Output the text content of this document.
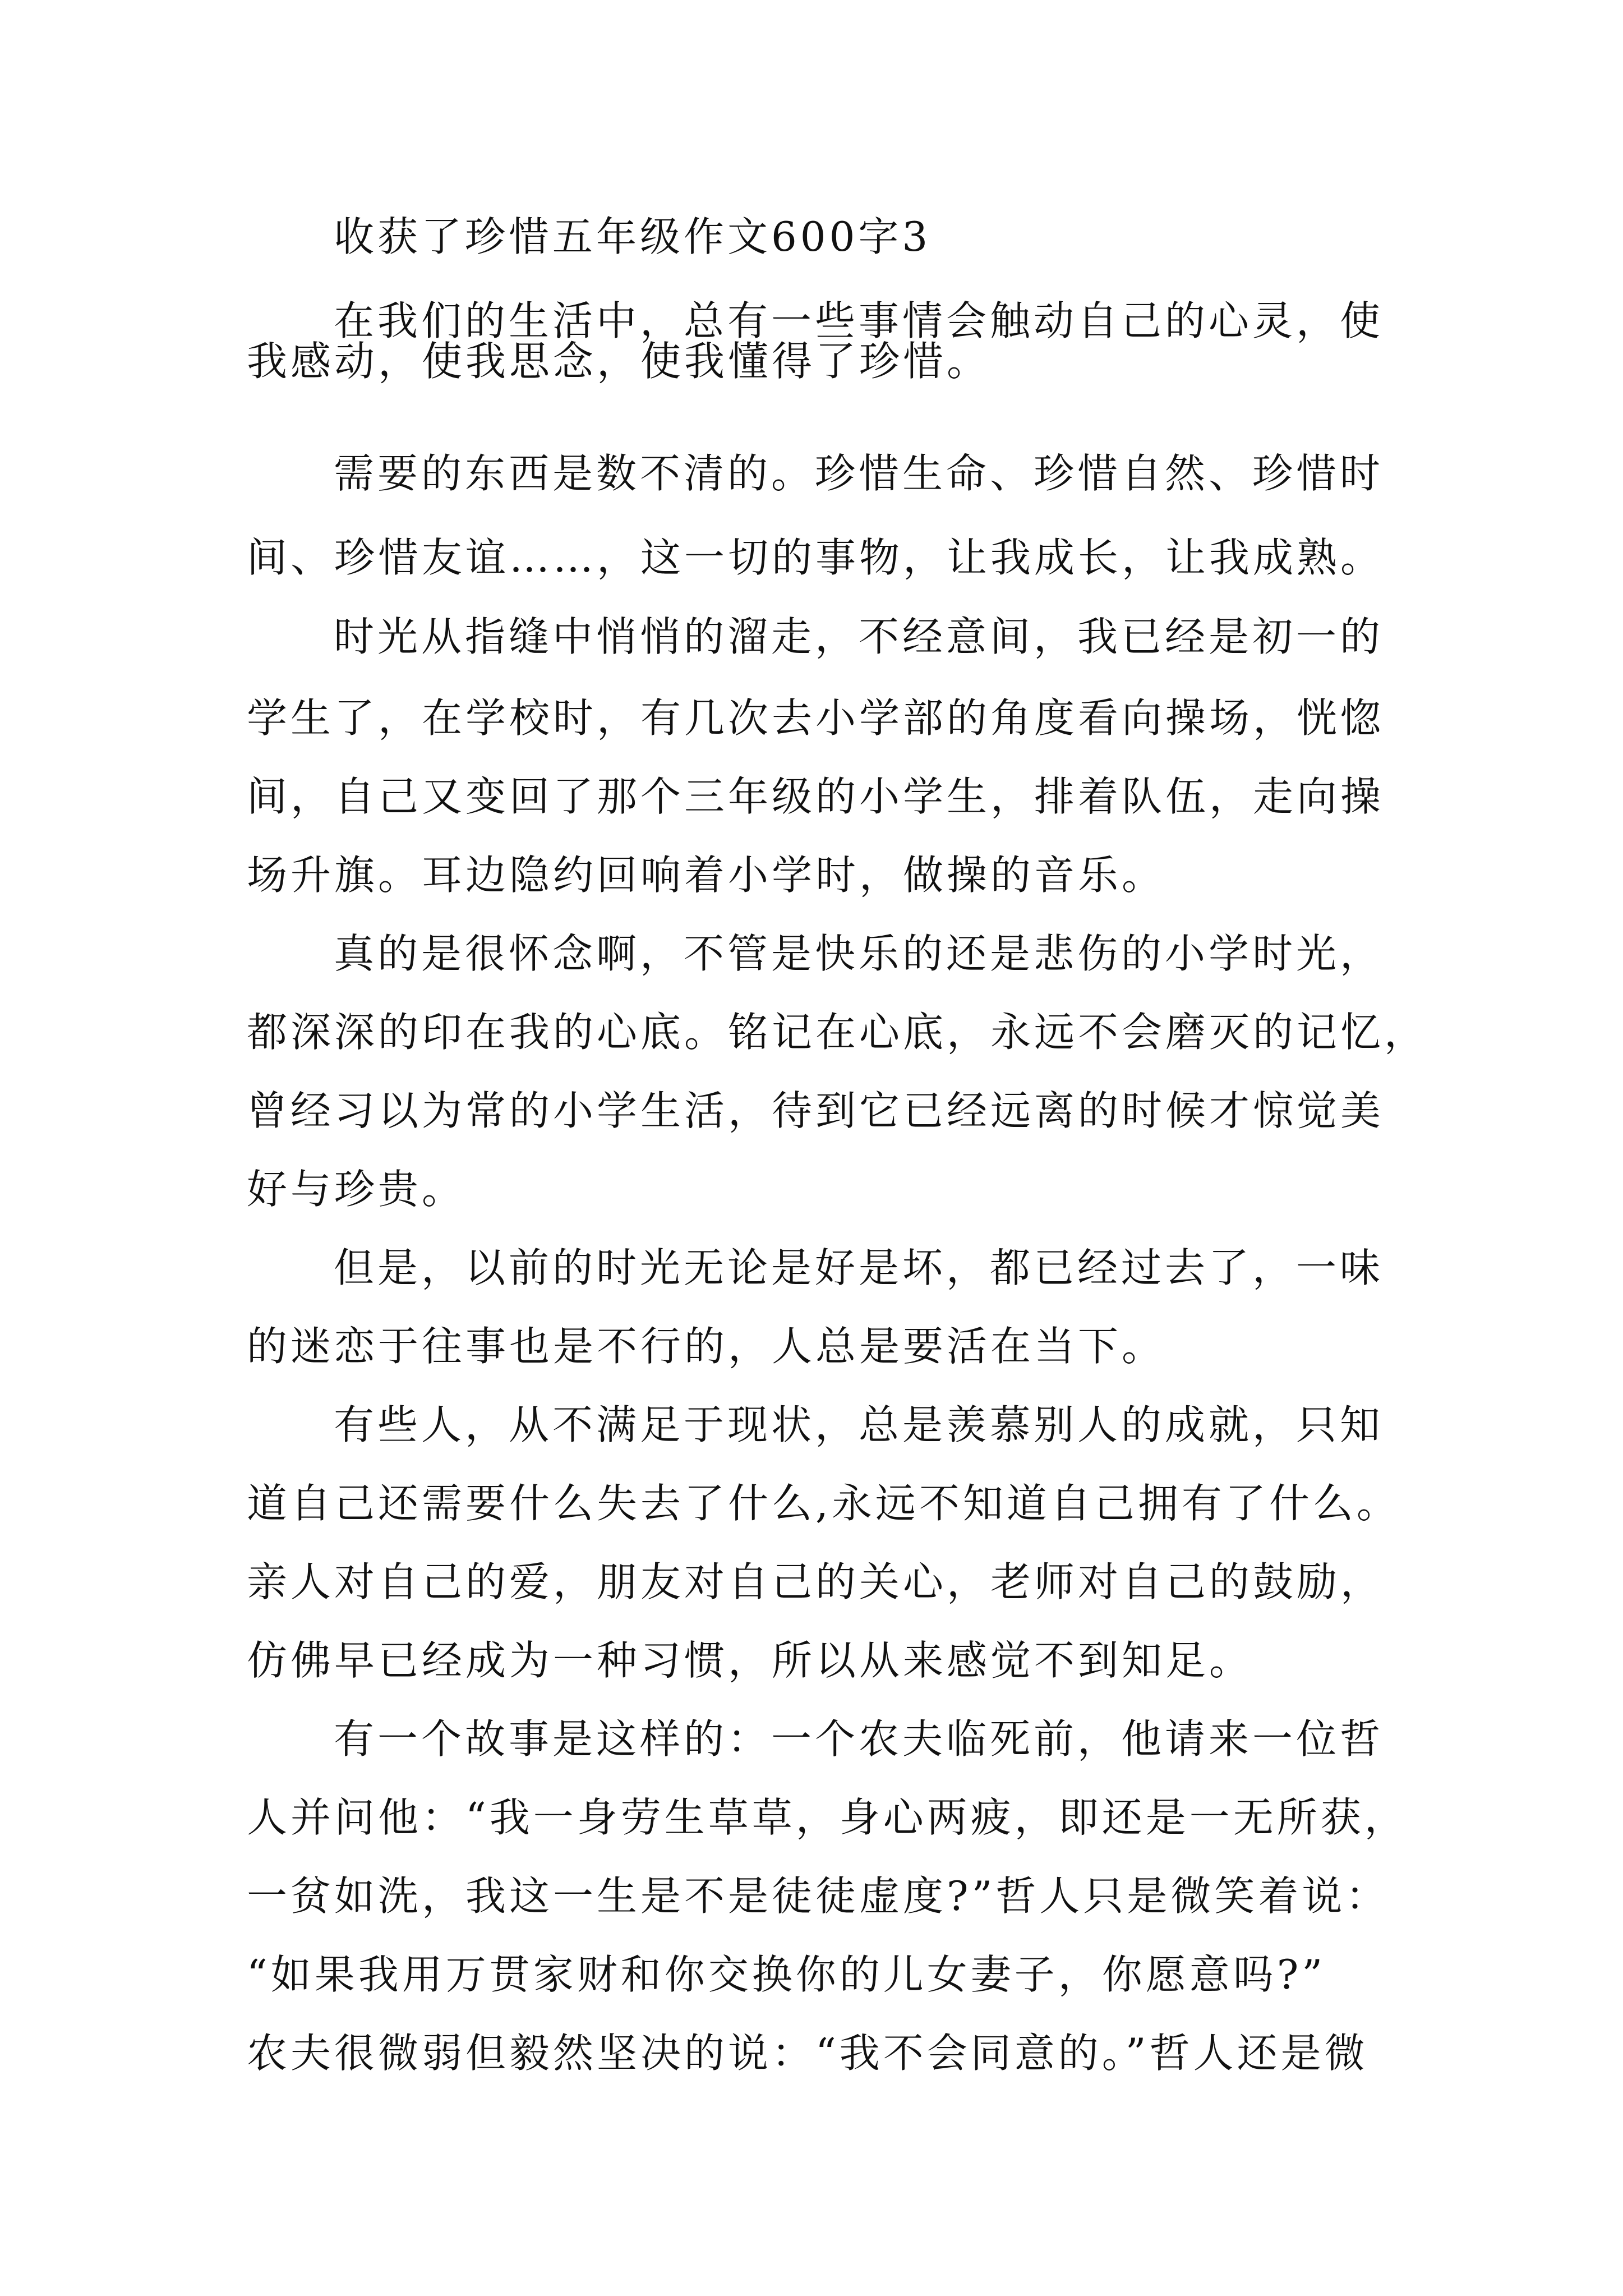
收获了珍惜五年级作文600字3
在我们的生活中，总有一些事情会触动自己的心灵，使
我感动，使我思念，使我懂得了珍惜。
需要的东西是数不清的。珍惜生命、珍惜自然、珍惜时
间、珍惜友谊……，这一切的事物，让我成长，让我成熟。
时光从指缝中悄悄的溜走，不经意间，我已经是初一的
学生了，在学校时，有几次去小学部的角度看向操场，恍惚
间，自己又变回了那个三年级的小学生，排着队伍，走向操
场升旗。耳边隐约回响着小学时，做操的音乐。
真的是很怀念啊，不管是快乐的还是悲伤的小学时光，
都深深的印在我的心底。铭记在心底，永远不会磨灭的记忆，
曾经习以为常的小学生活，待到它已经远离的时候才惊觉美
好与珍贵。
但是，以前的时光无论是好是坏，都已经过去了，一味
的迷恋于往事也是不行的，人总是要活在当下。
有些人，从不满足于现状，总是羡慕别人的成就，只知
道自己还需要什么失去了什么,永远不知道自己拥有了什么。
亲人对自己的爱，朋友对自己的关心，老师对自己的鼓励，
仿佛早已经成为一种习惯，所以从来感觉不到知足。
有一个故事是这样的：一个农夫临死前，他请来一位哲
人并问他：“我一身劳生草草，身心两疲，即还是一无所获，
一贫如洗，我这一生是不是徒徒虚度?”哲人只是微笑着说：
“如果我用万贯家财和你交换你的儿女妻子，你愿意吗?”
农夫很微弱但毅然坚决的说：“我不会同意的。”哲人还是微
